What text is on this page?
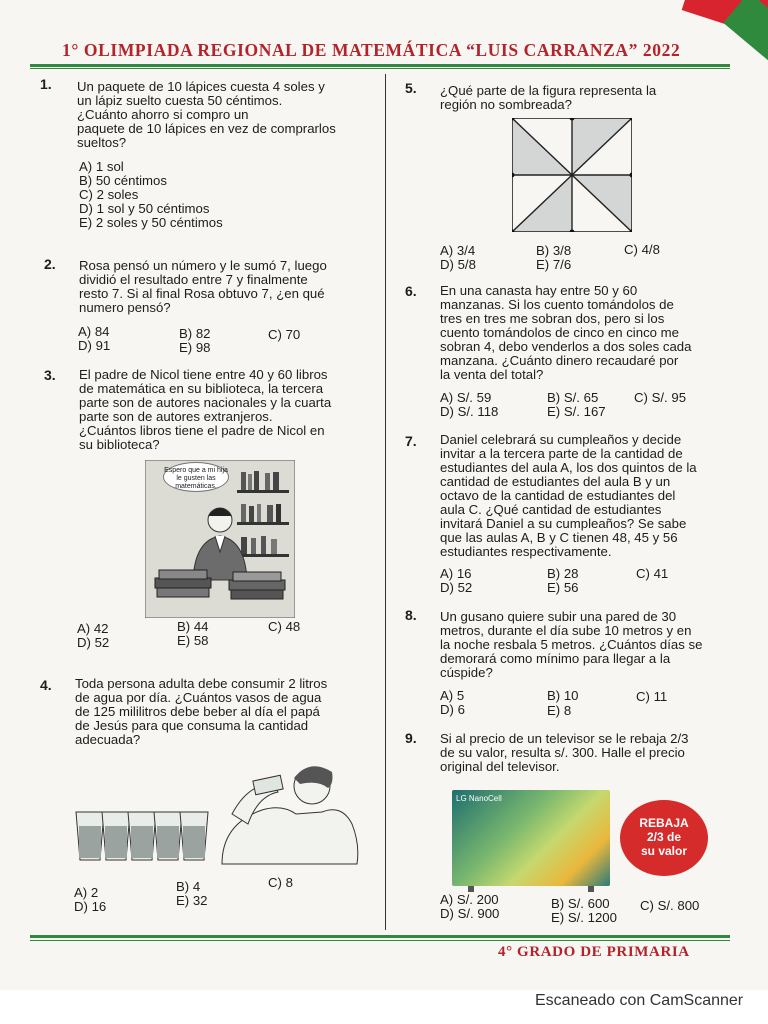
1° OLIMPIADA REGIONAL DE MATEMÁTICA “LUIS CARRANZA” 2022
1. Un paquete de 10 lápices cuesta 4 soles y
un lápiz suelto cuesta 50 céntimos.
¿Cuánto ahorro si compro un
paquete de 10 lápices en vez de comprarlos
sueltos?
A) 1 sol
B) 50 céntimos
C) 2 soles
D) 1 sol y 50 céntimos
E) 2 soles y 50 céntimos
2. Rosa pensó un número y le sumó 7, luego
dividió el resultado entre 7 y finalmente
resto 7. Si al final Rosa obtuvo 7, ¿en qué
numero pensó?
A) 84	B) 82	C) 70
D) 91	E) 98
3. El padre de Nicol tiene entre 40 y 60 libros
de matemática en su biblioteca, la tercera
parte son de autores nacionales y la cuarta
parte son de autores extranjeros.
¿Cuántos libros tiene el padre de Nicol en
su biblioteca?
Espero que a mi hija le gusten las matemáticas.
A) 42	B) 44	C) 48
D) 52	E) 58
4. Toda persona adulta debe consumir 2 litros
de agua por día. ¿Cuántos vasos de agua
de 125 mililitros debe beber al día el papá
de Jesús para que consuma la cantidad
adecuada?
A) 2	B) 4	C) 8
D) 16	E) 32
5. ¿Qué parte de la figura representa la
región no sombreada?
A) 3/4	B) 3/8	C) 4/8
D) 5/8	E) 7/6
6. En una canasta hay entre 50 y 60
manzanas. Si los cuento tomándolos de
tres en tres me sobran dos, pero si los
cuento tomándolos de cinco en cinco me
sobran 4, debo venderlos a dos soles cada
manzana. ¿Cuánto dinero recaudaré por
la venta del total?
A) S/. 59	B) S/. 65	C) S/. 95
D) S/. 118	E) S/. 167
7. Daniel celebrará su cumpleaños y decide
invitar a la tercera parte de la cantidad de
estudiantes del aula A, los dos quintos de la
cantidad de estudiantes del aula B y un
octavo de la cantidad de estudiantes del
aula C. ¿Qué cantidad de estudiantes
invitará Daniel a su cumpleaños? Se sabe
que las aulas A, B y C tienen 48, 45 y 56
estudiantes respectivamente.
A) 16	B) 28	C) 41
D) 52	E) 56
8. Un gusano quiere subir una pared de 30
metros, durante el día sube 10 metros y en
la noche resbala 5 metros. ¿Cuántos días se
demorará como mínimo para llegar a la
cúspide?
A) 5	B) 10	C) 11
D) 6	E) 8
9. Si al precio de un televisor se le rebaja 2/3
de su valor, resulta s/. 300. Halle el precio
original del televisor.
LG NanoCell
REBAJA
2/3 de
su valor
A) S/. 200	B) S/. 600 C) S/. 800
D) S/. 900	E) S/. 1200
4° GRADO DE PRIMARIA
Escaneado con CamScanner
